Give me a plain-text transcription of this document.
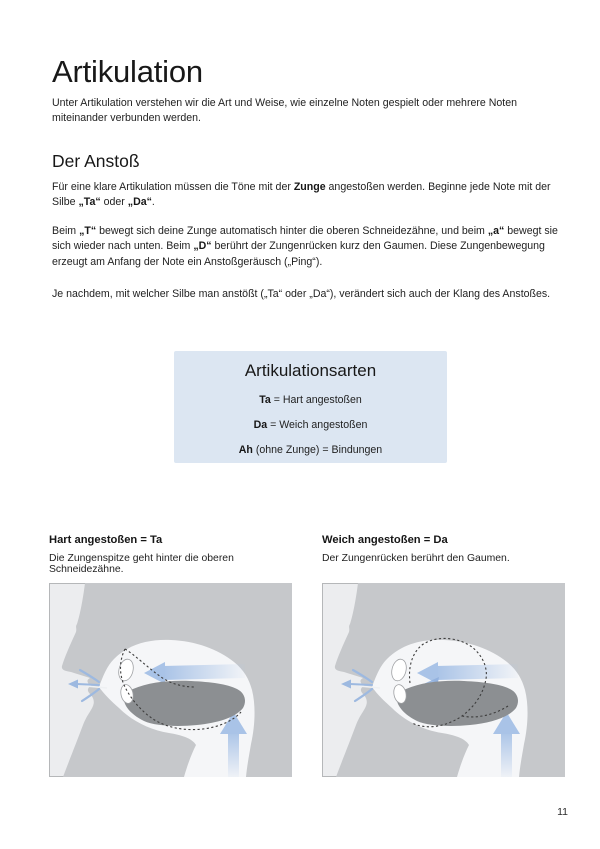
Artikulation

Unter Artikulation verstehen wir die Art und Weise, wie einzelne Noten gespielt oder mehrere Noten miteinander verbunden werden.

Der Anstoß

Für eine klare Artikulation müssen die Töne mit der Zunge angestoßen werden. Beginne jede Note mit der Silbe „Ta“ oder „Da“.

Beim „T“ bewegt sich deine Zunge automatisch hinter die oberen Schneidezähne, und beim „a“ bewegt sie sich wieder nach unten. Beim „D“ berührt der Zungenrücken kurz den Gaumen. Diese Zungenbewegung erzeugt am Anfang der Note ein Anstoßgeräusch („Ping“).

Je nachdem, mit welcher Silbe man anstößt („Ta“ oder „Da“), verändert sich auch der Klang des Anstoßes.

Artikulationsarten
Ta = Hart angestoßen
Da = Weich angestoßen
Ah (ohne Zunge) = Bindungen
Hart angestoßen = Ta
Die Zungenspitze geht hinter die oberen Schneidezähne.
Weich angestoßen = Da
Der Zungenrücken berührt den Gaumen.
11
